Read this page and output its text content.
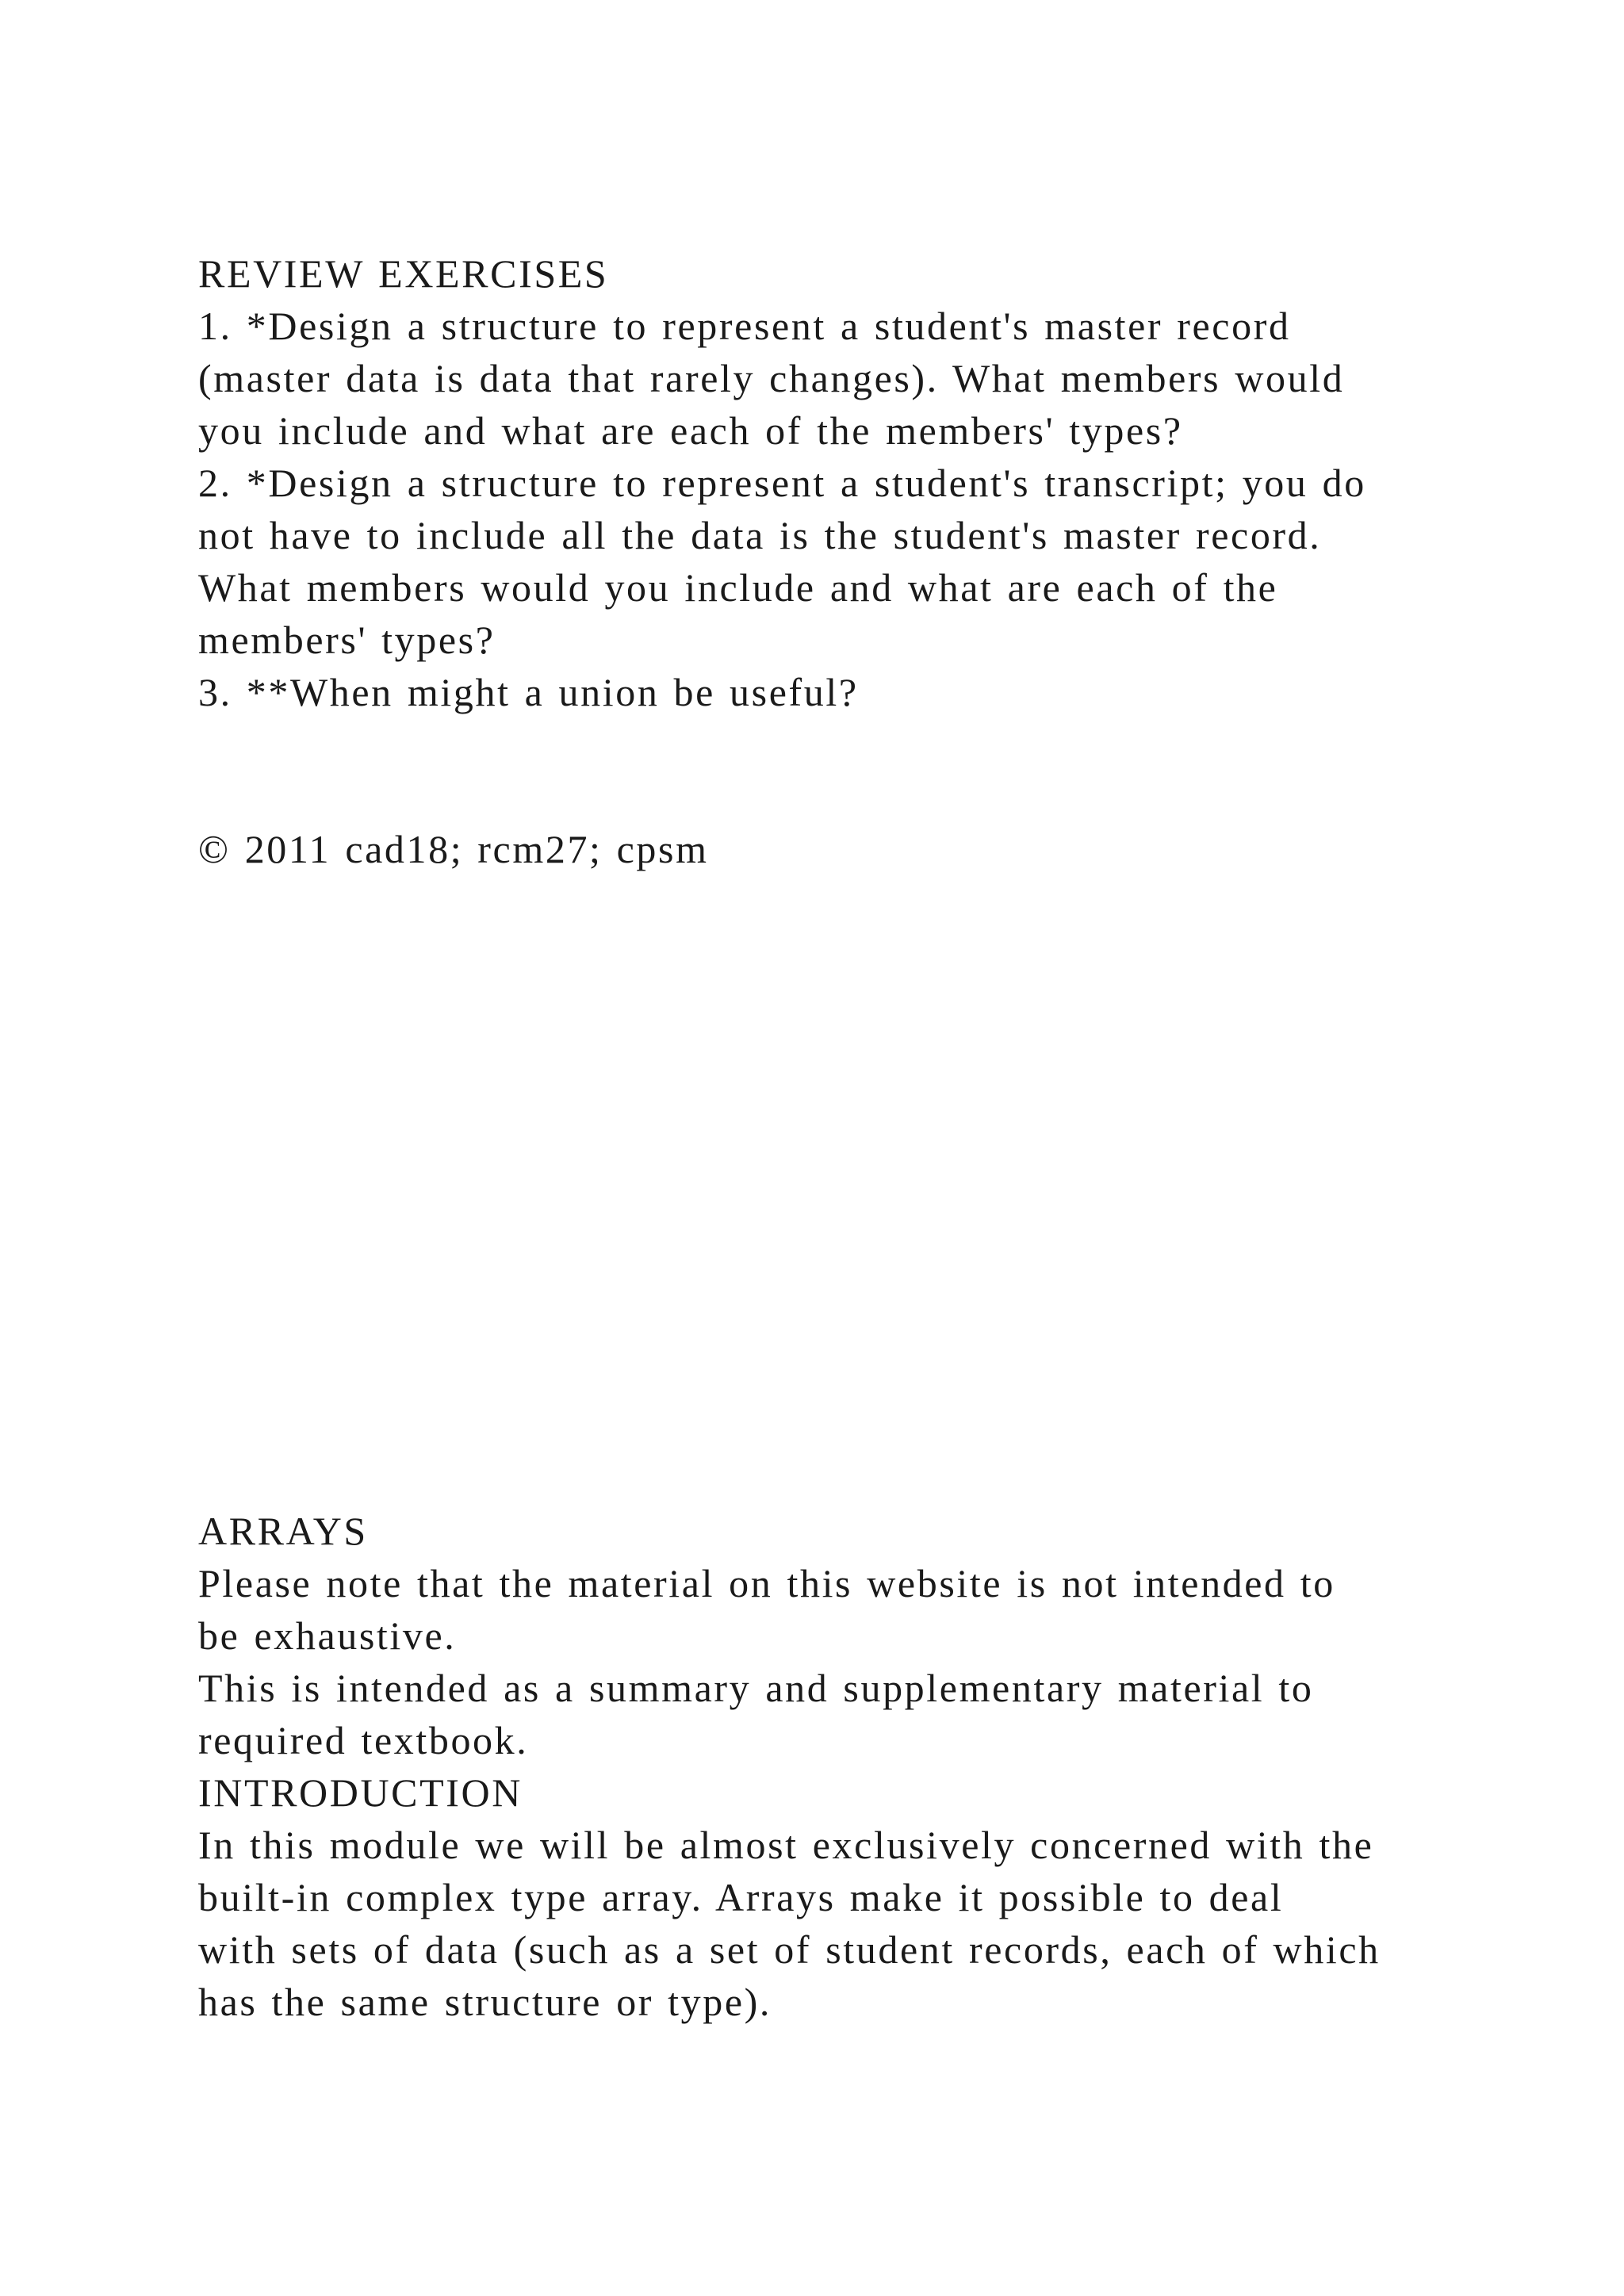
REVIEW EXERCISES
1. *Design a structure to represent a student's master record
(master data is data that rarely changes). What members would
you include and what are each of the members' types?
2. *Design a structure to represent a student's transcript; you do
not have to include all the data is the student's master record.
What members would you include and what are each of the
members' types?
3. **When might a union be useful?
© 2011 cad18; rcm27; cpsm
ARRAYS
Please note that the material on this website is not intended to
be exhaustive.
This is intended as a summary and supplementary material to
required textbook.
INTRODUCTION
In this module we will be almost exclusively concerned with the
built-in complex type array. Arrays make it possible to deal
with sets of data (such as a set of student records, each of which
has the same structure or type).
